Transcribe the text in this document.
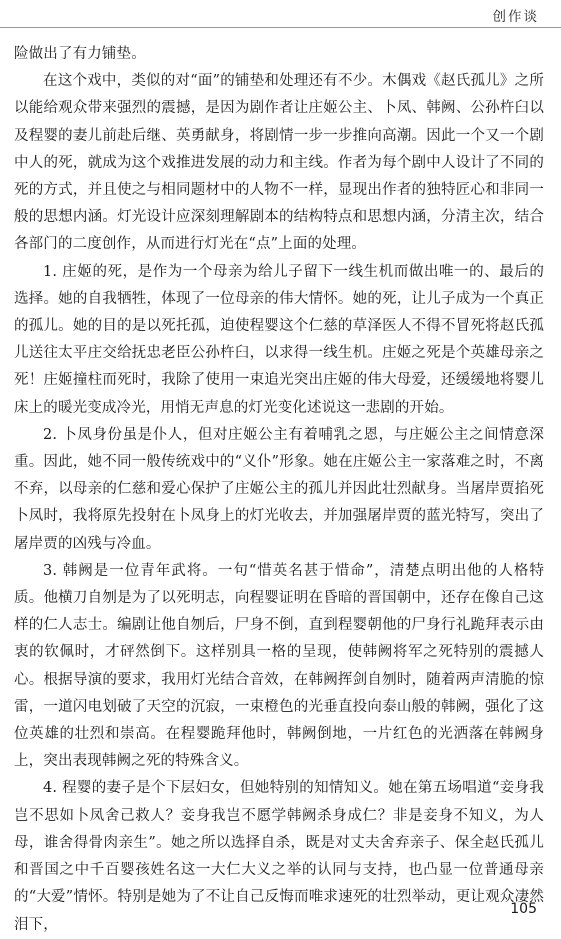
创作谈

险做出了有力铺垫。

在这个戏中，类似的对“面”的铺垫和处理还有不少。木偶戏《赵氏孤儿》之所以能给观众带来强烈的震撼，是因为剧作者让庄姬公主、卜凤、韩阙、公孙杵臼以及程婴的妻儿前赴后继、英勇献身，将剧情一步一步推向高潮。因此一个又一个剧中人的死，就成为这个戏推进发展的动力和主线。作者为每个剧中人设计了不同的死的方式，并且使之与相同题材中的人物不一样，显现出作者的独特匠心和非同一般的思想内涵。灯光设计应深刻理解剧本的结构特点和思想内涵，分清主次，结合各部门的二度创作，从而进行灯光在“点”上面的处理。

1. 庄姬的死，是作为一个母亲为给儿子留下一线生机而做出唯一的、最后的选择。她的自我牺牲，体现了一位母亲的伟大情怀。她的死，让儿子成为一个真正的孤儿。她的目的是以死托孤，迫使程婴这个仁慈的草泽医人不得不冒死将赵氏孤儿送往太平庄交给抚忠老臣公孙杵臼，以求得一线生机。庄姬之死是个英雄母亲之死！庄姬撞柱而死时，我除了使用一束追光突出庄姬的伟大母爱，还缓缓地将婴儿床上的暖光变成冷光，用悄无声息的灯光变化述说这一悲剧的开始。

2. 卜凤身份虽是仆人，但对庄姬公主有着哺乳之恩，与庄姬公主之间情意深重。因此，她不同一般传统戏中的“义仆”形象。她在庄姬公主一家落难之时，不离不弃，以母亲的仁慈和爱心保护了庄姬公主的孤儿并因此壮烈献身。当屠岸贾掐死卜凤时，我将原先投射在卜凤身上的灯光收去，并加强屠岸贾的蓝光特写，突出了屠岸贾的凶残与冷血。

3. 韩阙是一位青年武将。一句“惜英名甚于惜命”，清楚点明出他的人格特质。他横刀自刎是为了以死明志，向程婴证明在昏暗的晋国朝中，还存在像自己这样的仁人志士。编剧让他自刎后，尸身不倒，直到程婴朝他的尸身行礼跪拜表示由衷的钦佩时，才砰然倒下。这样别具一格的呈现，使韩阙将军之死特别的震撼人心。根据导演的要求，我用灯光结合音效，在韩阙挥剑自刎时，随着两声清脆的惊雷，一道闪电划破了天空的沉寂，一束橙色的光垂直投向泰山般的韩阙，强化了这位英雄的壮烈和崇高。在程婴跪拜他时，韩阙倒地，一片红色的光洒落在韩阙身上，突出表现韩阙之死的特殊含义。

4. 程婴的妻子是个下层妇女，但她特别的知情知义。她在第五场唱道“妾身我岂不思如卜凤舍己救人？妾身我岂不愿学韩阙杀身成仁？非是妾身不知义，为人母，谁舍得骨肉亲生”。她之所以选择自杀，既是对丈夫舍弃亲子、保全赵氏孤儿和晋国之中千百婴孩姓名这一大仁大义之举的认同与支持，也凸显一位普通母亲的“大爱”情怀。特别是她为了不让自己反悔而唯求速死的壮烈举动，更让观众凄然泪下，

105
